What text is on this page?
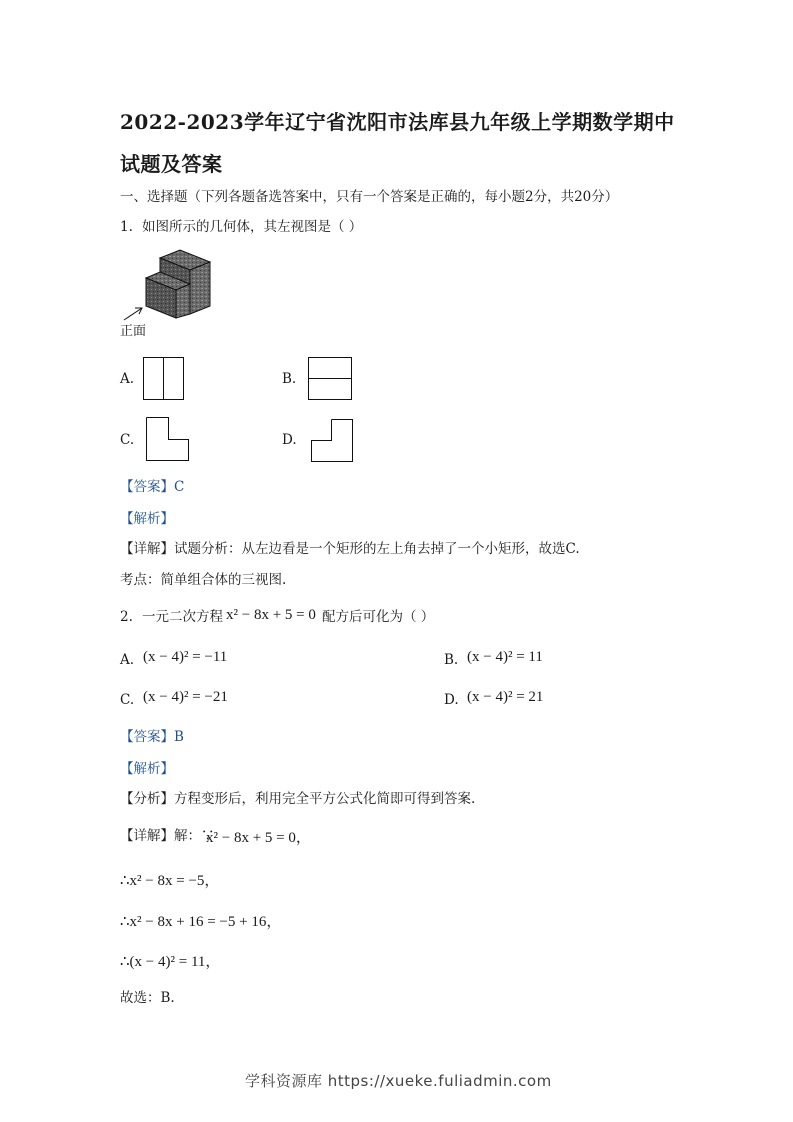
2022-2023学年辽宁省沈阳市法库县九年级上学期数学期中
试题及答案
一、选择题（下列各题备选答案中，只有一个答案是正确的，每小题2分，共20分）
1. 如图所示的几何体，其左视图是（ ）
正面
A.	B.
C.	D.
【答案】C
【解析】
【详解】试题分析：从左边看是一个矩形的左上角去掉了一个小矩形，故选C.
考点：简单组合体的三视图.
2. 一元二次方程 x² − 8x + 5 = 0 配方后可化为（ ）
A. (x − 4)² = −11	B. (x − 4)² = 11
C. (x − 4)² = −21	D. (x − 4)² = 21
【答案】B
【解析】
【分析】方程变形后，利用完全平方公式化简即可得到答案.
【详解】解：∵
x² − 8x + 5 = 0，
∴x² − 8x = −5，
∴x² − 8x + 16 = −5 + 16，
∴(x − 4)² = 11，
故选：B.
学科资源库 https://xueke.fuliadmin.com
